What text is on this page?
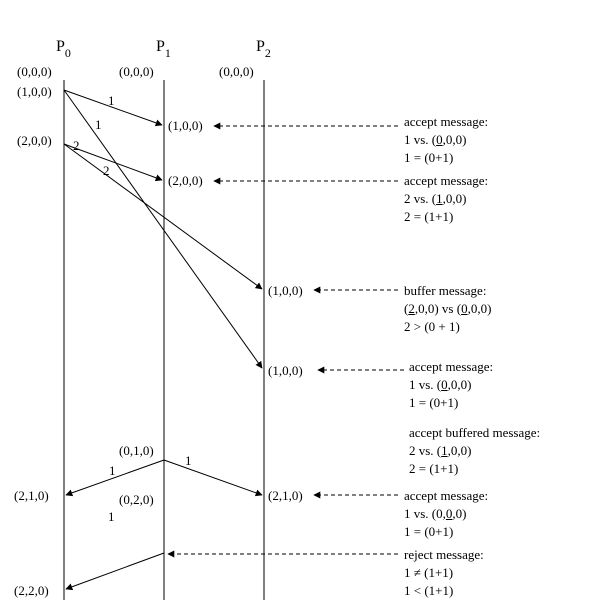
$P_0$	$P_1$	$P_2$
(0,0,0)	(0,0,0)	(0,0,0)
(1,0,0)
(2,0,0)
(2,1,0)
(2,2,0)
(1,0,0)
(2,0,0)
(0,1,0)
(0,2,0)
(1,0,0)
(1,0,0)
(2,1,0)
1
1
2
2
1
1
1
accept message:
1 vs. (0,0,0)
1 = (0+1)
accept message:
2 vs. (1,0,0)
2 = (1+1)
buffer message:
(2,0,0) vs (0,0,0)
2 > (0 + 1)
accept message:
1 vs. (0,0,0)
1 = (0+1)
accept buffered message:
2 vs. (1,0,0)
2 = (1+1)
accept message:
1 vs. (0,0,0)
1 = (0+1)
reject message:
1 ≠ (1+1)
1 < (1+1)
